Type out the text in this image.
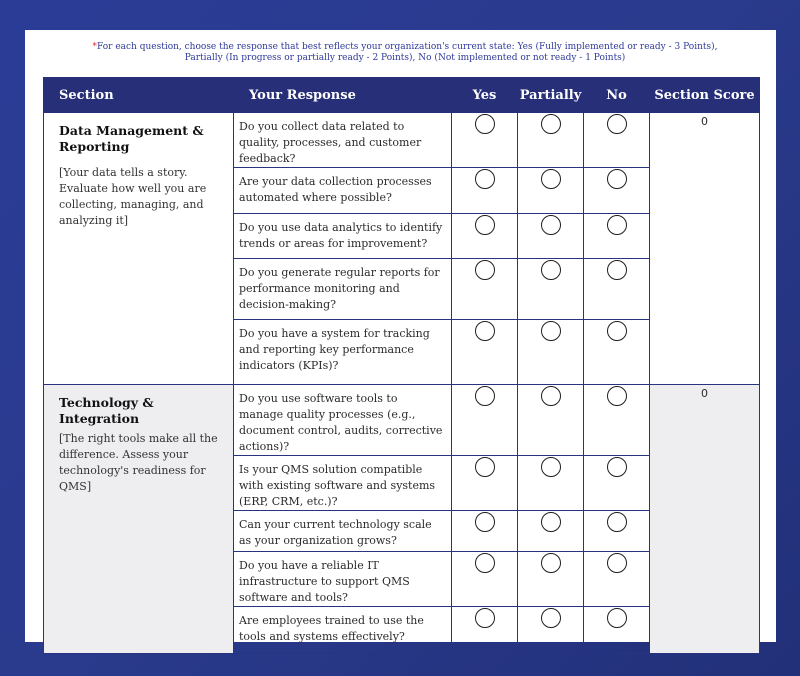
*For each question, choose the response that best reflects your organization's current state: Yes (Fully implemented or ready - 3 Points), Partially (In progress or partially ready - 2 Points), No (Not implemented or not ready - 1 Points)
Section	Your Response	Yes	Partially	No	Section Score

Data Management & Reporting
[Your data tells a story. Evaluate how well you are collecting, managing, and analyzing it]	Do you collect data related to quality, processes, and customer feedback?				0
	Are your data collection processes automated where possible?				
	Do you use data analytics to identify trends or areas for improvement?				
	Do you generate regular reports for performance monitoring and decision-making?				
	Do you have a system for tracking and reporting key performance indicators (KPIs)?				

Technology & Integration
[The right tools make all the difference. Assess your technology's readiness for QMS]	Do you use software tools to manage quality processes (e.g., document control, audits, corrective actions)?				0
	Is your QMS solution compatible with existing software and systems (ERP, CRM, etc.)?				
	Can your current technology scale as your organization grows?				
	Do you have a reliable IT infrastructure to support QMS software and tools?				
	Are employees trained to use the tools and systems effectively?				
